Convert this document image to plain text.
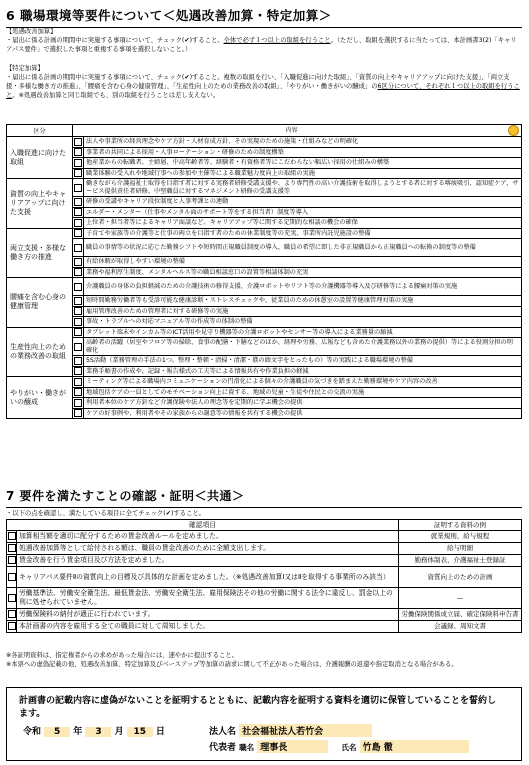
6 職場環境等要件について＜処遇改善加算・特定加算＞
【処遇改善加算】
・届出に係る計画の期間中に実施する事項について、チェック(✔)すること。全体で必ず１つ以上の取組を行うこと。（ただし、取組を選択するに当たっては、本計画書3(2)「キャリアパス要件」で選択した事項と重複する事項を選択しないこと。）
【特定加算】
・届出に係る計画の期間中に実施する事項について、チェック(✔)すること。複数の取組を行い、「入職促進に向けた取組」、「資質の向上やキャリアアップに向けた支援」、「両立支援・多様な働き方の推進」、「腰痛を含む心身の健康管理」、「生産性向上のための業務改善の取組」、「やりがい・働きがいの醸成」の6区分について、それぞれ１つ以上の取組を行うこと。※処遇改善加算と同じ取組でも、別の取組を行うことは差し支えない。
区分	内容	

入職促進に向けた取組		法人や事業所の経営理念やケア方針・人材育成方針、その実現のための施策・仕組みなどの明確化
		事業者の共同による採用・人事ローテーション・研修のための制度構築
		他産業からの転職者、主婦層、中高年齢者等、経験者・有資格者等にこだわらない幅広い採用の仕組みの構築
		職業体験の受入れや地域行事への参加や主催等による職業魅力度向上の取組の実施
資質の向上やキャリアアップに向けた支援		働きながら介護福祉士取得を目指す者に対する実務者研修受講支援や、より専門性の高い介護技術を取得しようとする者に対する喀痰吸引、認知症ケア、サービス提供責任者研修、中堅職員に対するマネジメント研修の受講支援等
		研修の受講やキャリア段位制度と人事考課との連動
		エルダー・メンター（仕事やメンタル面のサポート等をする担当者）制度等導入
		上位者・担当者等によるキャリア面談など、キャリアアップ等に関する定期的な相談の機会の確保
両立支援・多様な働き方の推進		子育てや家族等の介護等と仕事の両立を目指す者のための休業制度等の充実、事業所内託児施設の整備
		職員の事情等の状況に応じた勤務シフトや短時間正規職員制度の導入、職員の希望に即した非正規職員から正規職員への転換の制度等の整備
		有給休暇が取得しやすい環境の整備
		業務や福利厚生制度、メンタルヘルス等の職員相談窓口の設置等相談体制の充実
腰痛を含む心身の健康管理		介護職員の身体の負担軽減のための介護技術の修得支援、介護ロボットやリフト等の介護機器等導入及び研修等による腰痛対策の実施
		短時間勤務労働者等も受診可能な健康診断・ストレスチェックや、従業員のための休憩室の設置等健康管理対策の実施
		雇用管理改善のための管理者に対する研修等の実施
		事故・トラブルへの対応マニュアル等の作成等の体制の整備
生産性向上のための業務改善の取組		タブレット端末やインカム等のICT活用や見守り機器等の介護ロボットやセンサー等の導入による業務量の縮減
		高齢者の活躍（居室やフロア等の掃除、食事の配膳・下膳などのほか、経理や労務、広報なども含めた介護業務以外の業務の提供）等による役割分担の明確化
		5S活動（業務管理の手法の1つ。整理・整頓・清掃・清潔・躾の頭文字をとったもの）等の実践による職場環境の整備
		業務手順書の作成や、記録・報告様式の工夫等による情報共有や作業負担の軽減
やりがい・働きがいの醸成		ミーティング等による職場内コミュニケーションの円滑化による個々の介護職員の気づきを踏まえた勤務環境やケア内容の改善
		地域包括ケアの一員としてのモチベーション向上に資する、地域の児童・生徒や住民との交流の実施
		利用者本位のケア方針など介護保険や法人の理念等を定期的に学ぶ機会の提供
		ケアの好事例や、利用者やその家族からの謝意等の情報を共有する機会の提供
7 要件を満たすことの確認・証明＜共通＞
・以下の点を確認し、満たしている項目に全てチェック(✔)すること。
確認項目		証明する資料の例
	加算相当額を適切に配分するための賃金改善ルールを定めました。	就業規則、給与規程
	処遇改善加算等として給付される額は、職員の賃金改善のために全額支出します。	給与明細
	賃金改善を行う賃金項目及び方法を定めました。	勤務体制表、介護福祉士登録証
	キャリアパス要件Ⅱの資質向上の目標及び具体的な計画を定めました。（※処遇改善加算Ⅰ又はⅡを取得する事業所のみ該当）	資質向上のための計画
	労働基準法、労働安全衛生法、最低賃金法、労働安全衛生法、雇用保険法その他の労働に関する法令に違反し、罰金以上の刑に処せられていません。	—
	労働保険料の納付が適正に行われています。	労働保険関係成立届、確定保険料申告書
	本計画書の内容を雇用する全ての職員に対して周知しました。	会議録、周知文書
※各証明資料は、指定権者からの求めがあった場合には、速やかに提出すること。
※本票への虚偽記載の他、処遇改善加算、特定加算及びベースアップ等加算の請求に関して不正があった場合は、介護報酬の返還や指定取消となる場合がある。
計画書の記載内容に虚偽がないことを証明するとともに、記載内容を証明する資料を適切に保管していることを誓約します。
令和 5 年 3 月 15 日	法人名 社会福祉法人若竹会
代表者 職名 理事長	氏名 竹島 徹
